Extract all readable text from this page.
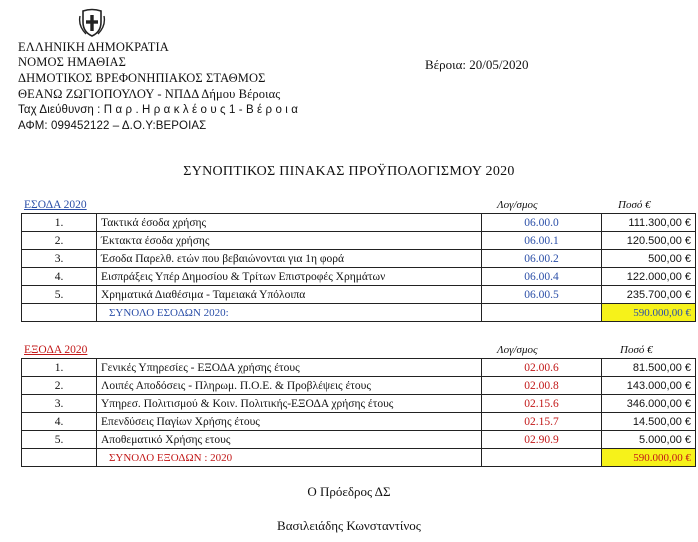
ΕΛΛΗΝΙΚΗ ΔΗΜΟΚΡΑΤΙΑ
ΝΟΜΟΣ ΗΜΑΘΙΑΣ
ΔΗΜΟΤΙΚΟΣ ΒΡΕΦΟΝΗΠΙΑΚΟΣ ΣΤΑΘΜΟΣ
ΘΕΑΝΩ ΖΩΓΙΟΠΟΥΛΟΥ - ΝΠΔΔ Δήμου Βέροιας
Ταχ Διεύθυνση : Π α ρ . Η ρ α κ λ έ ο υ ς 1 - Β έ ρ ο ι α
ΑΦΜ: 099452122 – Δ.Ο.Υ:ΒΕΡΟΙΑΣ
Βέροια: 20/05/2020
ΣΥΝΟΠΤΙΚΟΣ ΠΙΝΑΚΑΣ ΠΡΟΫΠΟΛΟΓΙΣΜΟΥ 2020
ΕΣΟΔΑ 2020	Λογ/σμος	Ποσό €
1.	Τακτικά έσοδα χρήσης	06.00.0	111.300,00 €
2.	Έκτακτα έσοδα χρήσης	06.00.1	120.500,00 €
3.	Έσοδα Παρελθ. ετών που βεβαιώνονται για 1η φορά	06.00.2	500,00 €
4.	Εισπράξεις Υπέρ Δημοσίου & Τρίτων Επιστροφές Χρημάτων	06.00.4	122.000,00 €
5.	Χρηματικά Διαθέσιμα - Ταμειακά Υπόλοιπα	06.00.5	235.700,00 €
	ΣΥΝΟΛΟ ΕΣΟΔΩΝ 2020:		590.000,00 €
ΕΞΟΔΑ 2020	Λογ/σμος	Ποσό €
1.	Γενικές Υπηρεσίες - ΕΞΟΔΑ χρήσης έτους	02.00.6	81.500,00 €
2.	Λοιπές Αποδόσεις - Πληρωμ. Π.Ο.Ε. & Προβλέψεις έτους	02.00.8	143.000,00 €
3.	Υπηρεσ. Πολιτισμού & Κοιν. Πολιτικής-ΕΞΟΔΑ χρήσης έτους	02.15.6	346.000,00 €
4.	Επενδύσεις Παγίων Χρήσης έτους	02.15.7	14.500,00 €
5.	Αποθεματικό Χρήσης ετους	02.90.9	5.000,00 €
	ΣΥΝΟΛΟ ΕΞΟΔΩΝ : 2020		590.000,00 €
Ο Πρόεδρος ΔΣ
Βασιλειάδης Κωνσταντίνος
